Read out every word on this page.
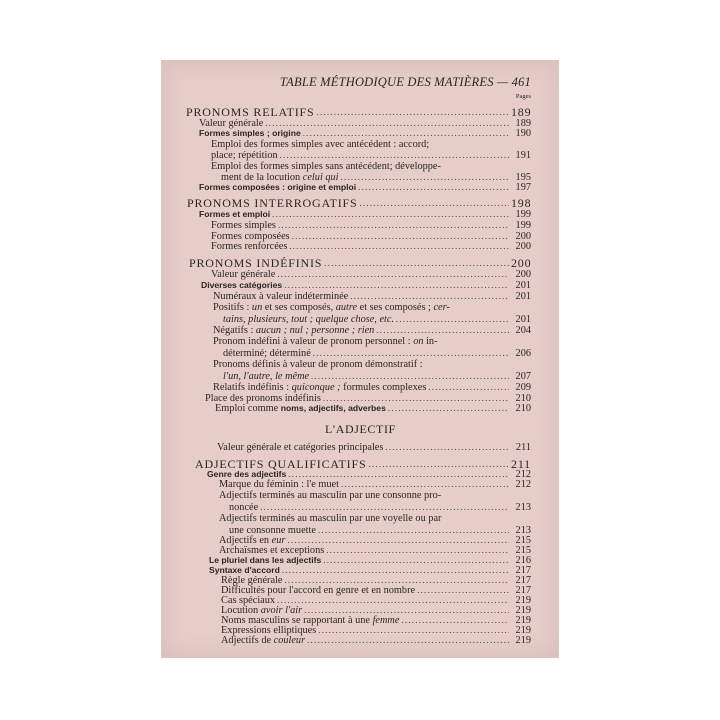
TABLE MÉTHODIQUE DES MATIÈRES — 461
Pages
PRONOMS RELATIFS .....	189
Valeur générale .....	189
Formes simples ; origine .....	190
Emploi des formes simples avec antécédent : accord;
place; répétition .....	191
Emploi des formes simples sans antécédent; développe-
ment de la locution celui qui .....	195
Formes composées : origine et emploi .....	197
PRONOMS INTERROGATIFS .....	198
Formes et emploi .....	199
Formes simples .....	199
Formes composées .....	200
Formes renforcées .....	200
PRONOMS INDÉFINIS .....	200
Valeur générale .....	200
Diverses catégories .....	201
Numéraux à valeur indéterminée .....	201
Positifs : un et ses composés, autre et ses composés ; cer-
tains, plusieurs, tout ; quelque chose, etc. .....	201
Négatifs : aucun ; nul ; personne ; rien .....	204
Pronom indéfini à valeur de pronom personnel : on in-
déterminé; déterminé .....	206
Pronoms définis à valeur de pronom démonstratif :
l'un, l'autre, le même .....	207
Relatifs indéfinis : quiconque ; formules complexes .....	209
Place des pronoms indéfinis .....	210
Emploi comme noms, adjectifs, adverbes .....	210
L'ADJECTIF
Valeur générale et catégories principales .....	211
ADJECTIFS QUALIFICATIFS .....	211
Genre des adjectifs .....	212
Marque du féminin : l'e muet .....	212
Adjectifs terminés au masculin par une consonne pro-
noncée .....	213
Adjectifs terminés au masculin par une voyelle ou par
une consonne muette .....	213
Adjectifs en eur .....	215
Archaïsmes et exceptions .....	215
Le pluriel dans les adjectifs .....	216
Syntaxe d'accord .....	217
Règle générale .....	217
Difficultés pour l'accord en genre et en nombre .....	217
Cas spéciaux .....	219
Locution avoir l'air .....	219
Noms masculins se rapportant à une femme .....	219
Expressions elliptiques .....	219
Adjectifs de couleur .....	219
